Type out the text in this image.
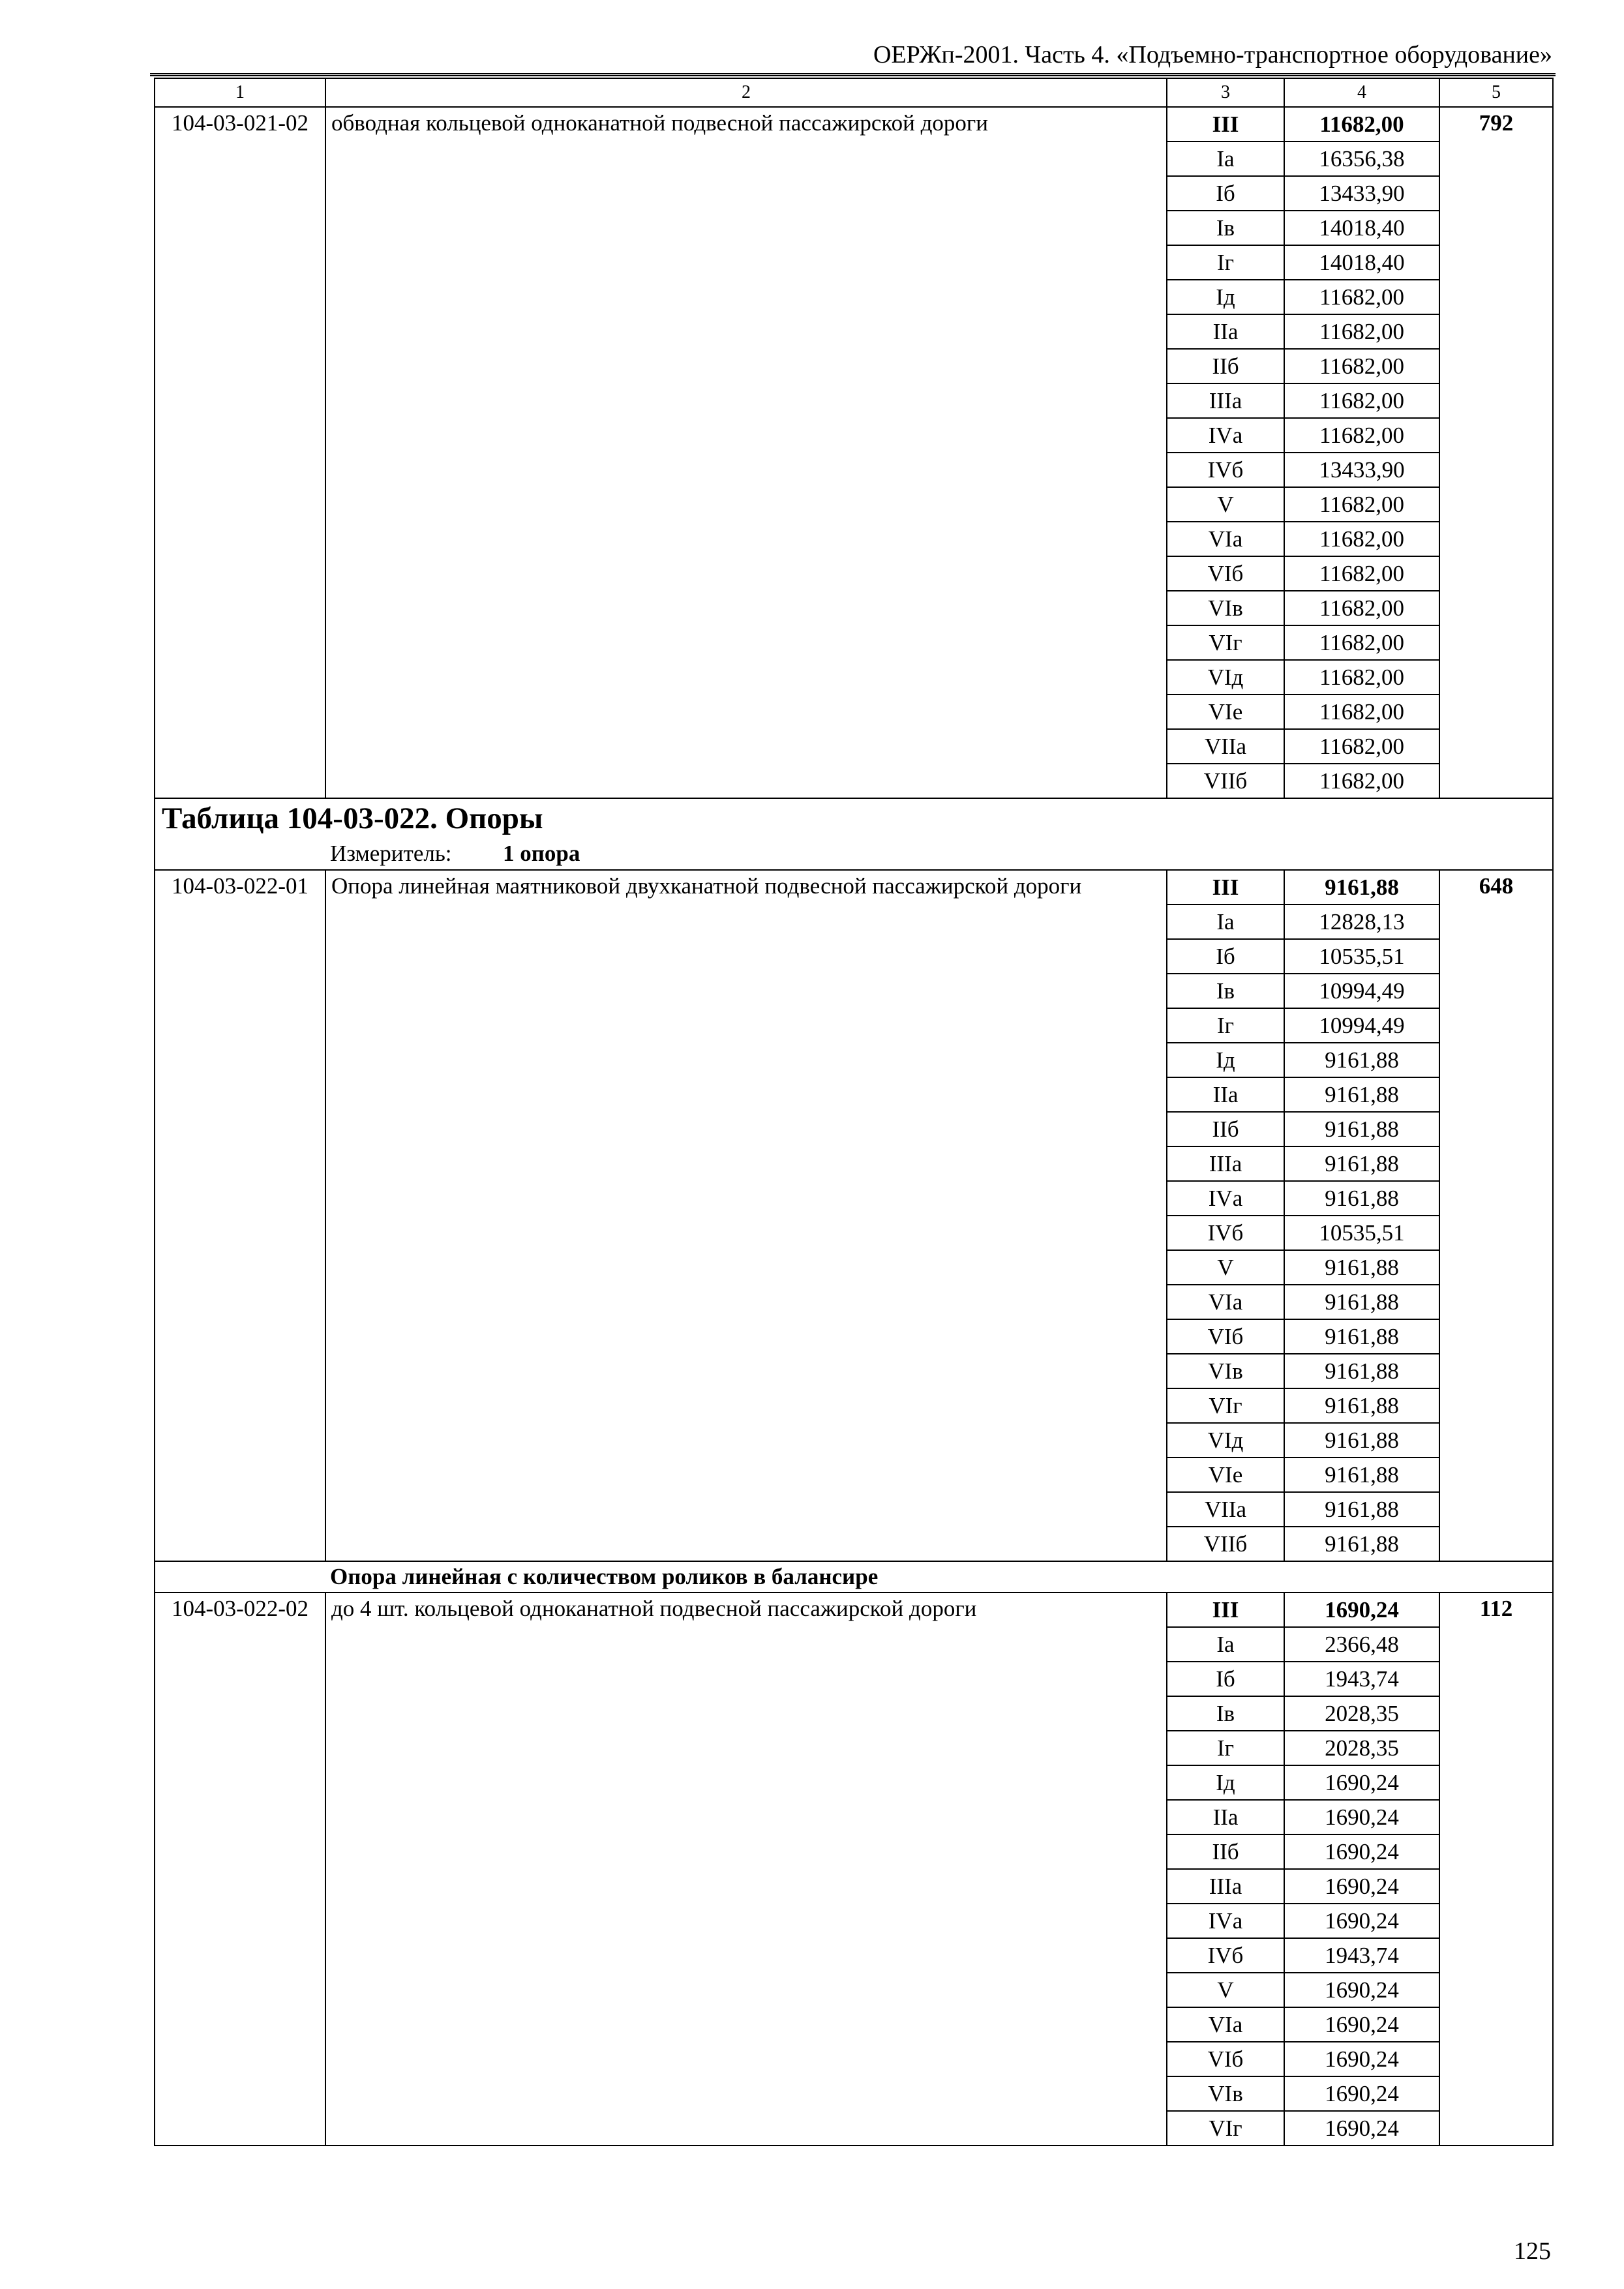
ОЕРЖп-2001. Часть 4. «Подъемно-транспортное оборудование»
1	2	3	4	5
104-03-021-02	обводная кольцевой одноканатной подвесной пассажирской дороги	III	11682,00	792
		Iа	16356,38	
		Iб	13433,90	
		Iв	14018,40	
		Iг	14018,40	
		Iд	11682,00	
		IIа	11682,00	
		IIб	11682,00	
		IIIа	11682,00	
		IVа	11682,00	
		IVб	13433,90	
		V	11682,00	
		VIа	11682,00	
		VIб	11682,00	
		VIв	11682,00	
		VIг	11682,00	
		VIд	11682,00	
		VIе	11682,00	
		VIIа	11682,00	
		VIIб	11682,00	
Таблица 104-03-022. Опоры				
Измеритель: 1 опора				
104-03-022-01	Опора линейная маятниковой двухканатной подвесной пассажирской дороги	III	9161,88	648
		Iа	12828,13	
		Iб	10535,51	
		Iв	10994,49	
		Iг	10994,49	
		Iд	9161,88	
		IIа	9161,88	
		IIб	9161,88	
		IIIа	9161,88	
		IVа	9161,88	
		IVб	10535,51	
		V	9161,88	
		VIа	9161,88	
		VIб	9161,88	
		VIв	9161,88	
		VIг	9161,88	
		VIд	9161,88	
		VIе	9161,88	
		VIIа	9161,88	
		VIIб	9161,88	
Опора линейная с количеством роликов в балансире				
104-03-022-02	до 4 шт. кольцевой одноканатной подвесной пассажирской дороги	III	1690,24	112
		Iа	2366,48	
		Iб	1943,74	
		Iв	2028,35	
		Iг	2028,35	
		Iд	1690,24	
		IIа	1690,24	
		IIб	1690,24	
		IIIа	1690,24	
		IVа	1690,24	
		IVб	1943,74	
		V	1690,24	
		VIа	1690,24	
		VIб	1690,24	
		VIв	1690,24	
		VIг	1690,24	
125
